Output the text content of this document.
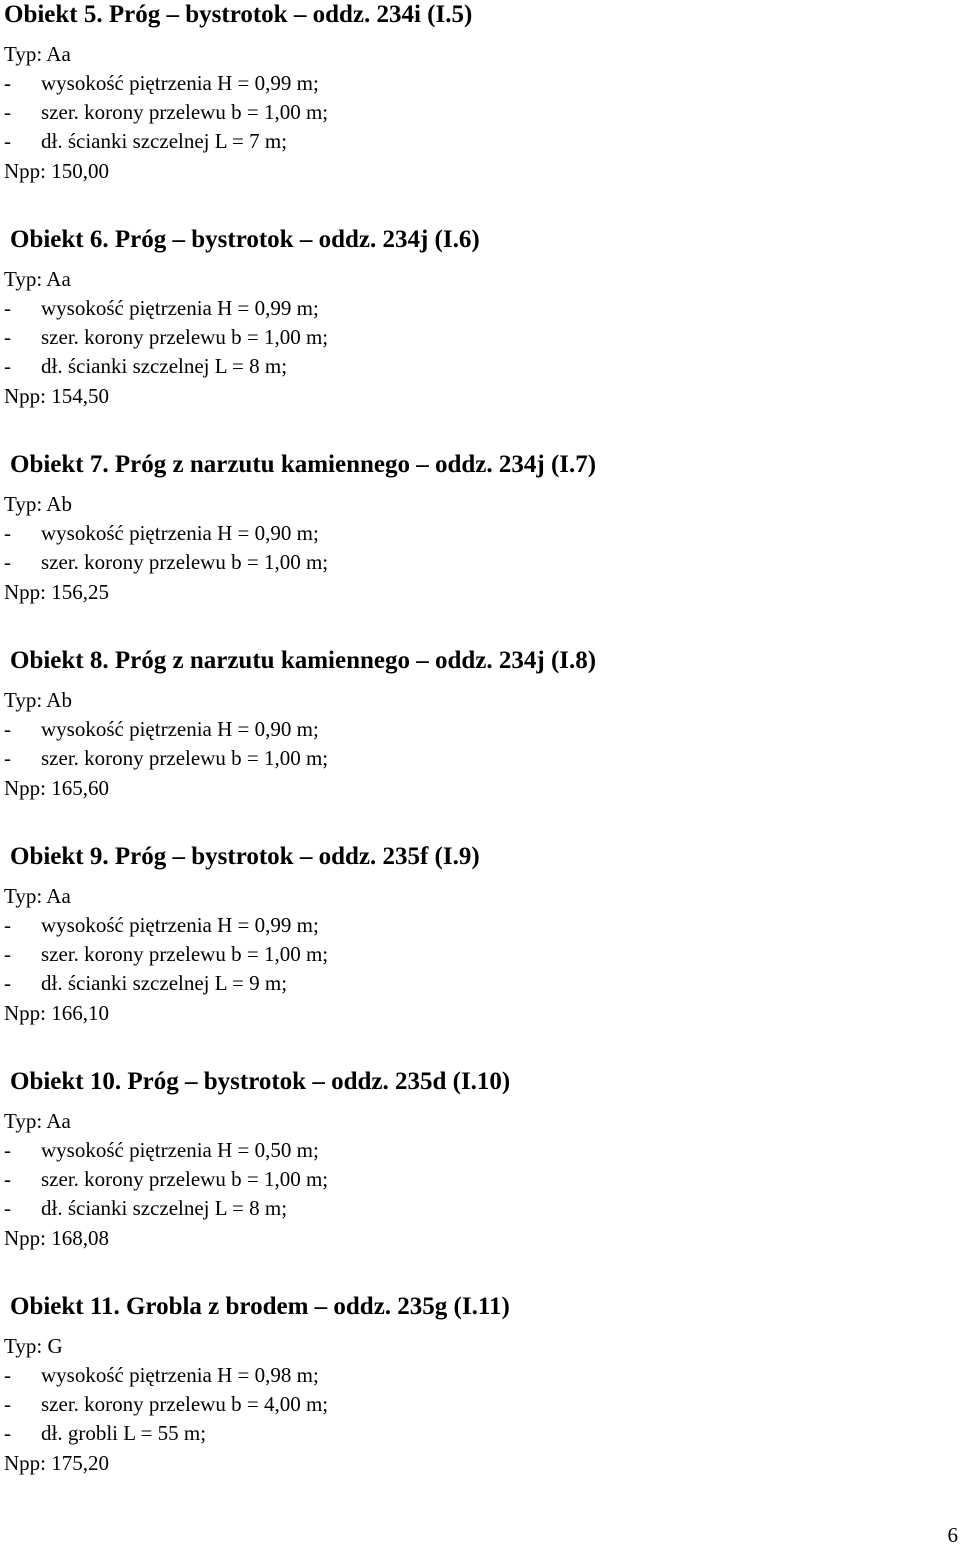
Obiekt 5. Próg – bystrotok – oddz. 234i (I.5)
Typ: Aa
- wysokość piętrzenia H = 0,99 m;
- szer. korony przelewu b = 1,00 m;
- dł. ścianki szczelnej L = 7 m;
Npp: 150,00
Obiekt 6. Próg – bystrotok – oddz. 234j (I.6)
Typ: Aa
- wysokość piętrzenia H = 0,99 m;
- szer. korony przelewu b = 1,00 m;
- dł. ścianki szczelnej L = 8 m;
Npp: 154,50
Obiekt 7. Próg z narzutu kamiennego – oddz. 234j (I.7)
Typ: Ab
- wysokość piętrzenia H = 0,90 m;
- szer. korony przelewu b = 1,00 m;
Npp: 156,25
Obiekt 8. Próg z narzutu kamiennego – oddz. 234j (I.8)
Typ: Ab
- wysokość piętrzenia H = 0,90 m;
- szer. korony przelewu b = 1,00 m;
Npp: 165,60
Obiekt 9. Próg – bystrotok – oddz. 235f (I.9)
Typ: Aa
- wysokość piętrzenia H = 0,99 m;
- szer. korony przelewu b = 1,00 m;
- dł. ścianki szczelnej L = 9 m;
Npp: 166,10
Obiekt 10. Próg – bystrotok – oddz. 235d (I.10)
Typ: Aa
- wysokość piętrzenia H = 0,50 m;
- szer. korony przelewu b = 1,00 m;
- dł. ścianki szczelnej L = 8 m;
Npp: 168,08
Obiekt 11. Grobla z brodem – oddz. 235g (I.11)
Typ: G
- wysokość piętrzenia H = 0,98 m;
- szer. korony przelewu b = 4,00 m;
- dł. grobli L = 55 m;
Npp: 175,20
6
